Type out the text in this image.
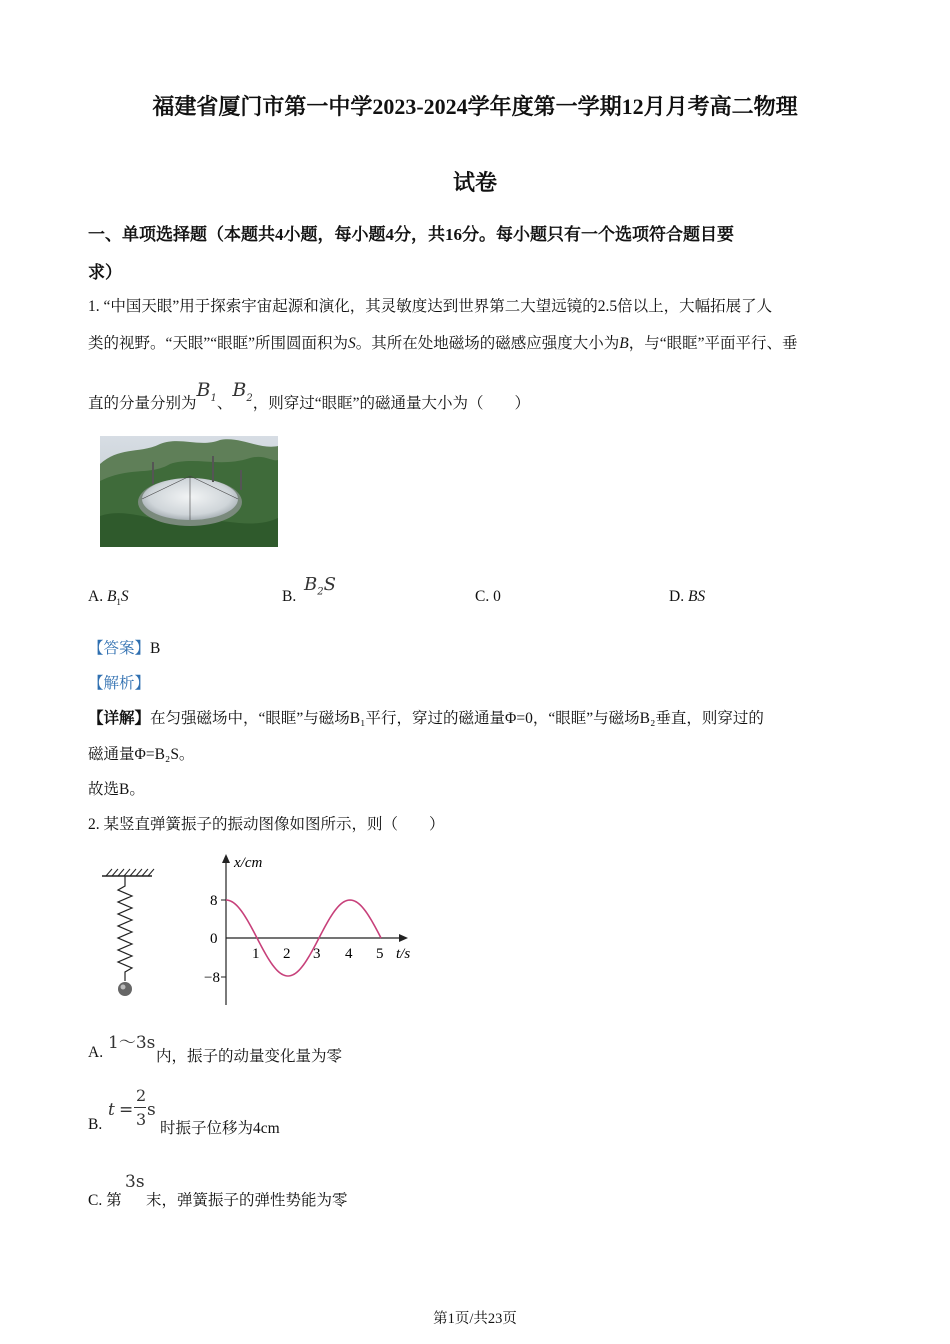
福建省厦门市第一中学2023-2024学年度第一学期12月月考高二物理
试卷
一、单项选择题（本题共4小题，每小题4分，共16分。每小题只有一个选项符合题目要
求）
1. “中国天眼”用于探索宇宙起源和演化，其灵敏度达到世界第二大望远镜的2.5倍以上，大幅拓展了人
类的视野。“天眼”“眼眶”所围圆面积为S。其所在处地磁场的磁感应强度大小为B，与“眼眶”平面平行、垂
直的分量分别为$B_1$、$B_2$，则穿过“眼眶”的磁通量大小为（　　）
A. $B_1S$	B.
$B_2S$
C. 0	D. BS
【答案】B
【解析】
【详解】在匀强磁场中，“眼眶”与磁场B₁平行，穿过的磁通量Φ=0，“眼眶”与磁场B₂垂直，则穿过的
磁通量Φ=B₂S。
故选B。
2. 某竖直弹簧振子的振动图像如图所示，则（　　）
x/cm
8
0
−8
1 2 3 4 5 t/s
A. 1～3s
内，振子的动量变化量为零
B.
t =
2
3 s
时振子位移为4cm
C. 第
3s
末，弹簧振子的弹性势能为零
第1页/共23页
